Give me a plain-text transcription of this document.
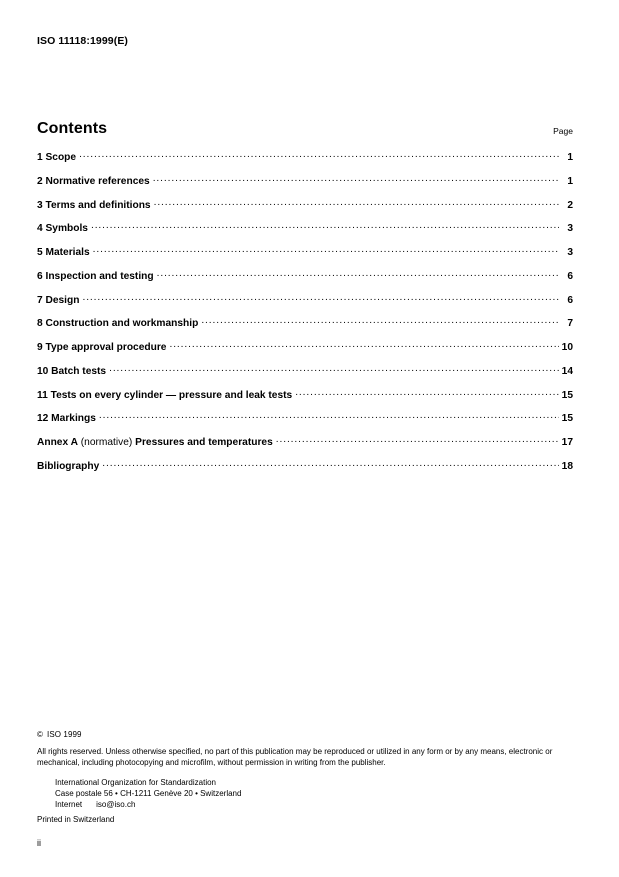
ISO 11118:1999(E)
Contents	Page
1 Scope .....	1
2 Normative references .....	1
3 Terms and definitions .....	2
4 Symbols .....	3
5 Materials .....	3
6 Inspection and testing .....	6
7 Design .....	6
8 Construction and workmanship .....	7
9 Type approval procedure .....	10
10 Batch tests .....	14
11 Tests on every cylinder — pressure and leak tests .....	15
12 Markings .....	15
Annex A (normative) Pressures and temperatures .....	17
Bibliography .....	18
© ISO 1999
All rights reserved. Unless otherwise specified, no part of this publication may be reproduced or utilized in any form or by any means, electronic or mechanical, including photocopying and microfilm, without permission in writing from the publisher.
International Organization for Standardization
Case postale 56 • CH-1211 Genève 20 • Switzerland
Internet iso@iso.ch
Printed in Switzerland
ii
